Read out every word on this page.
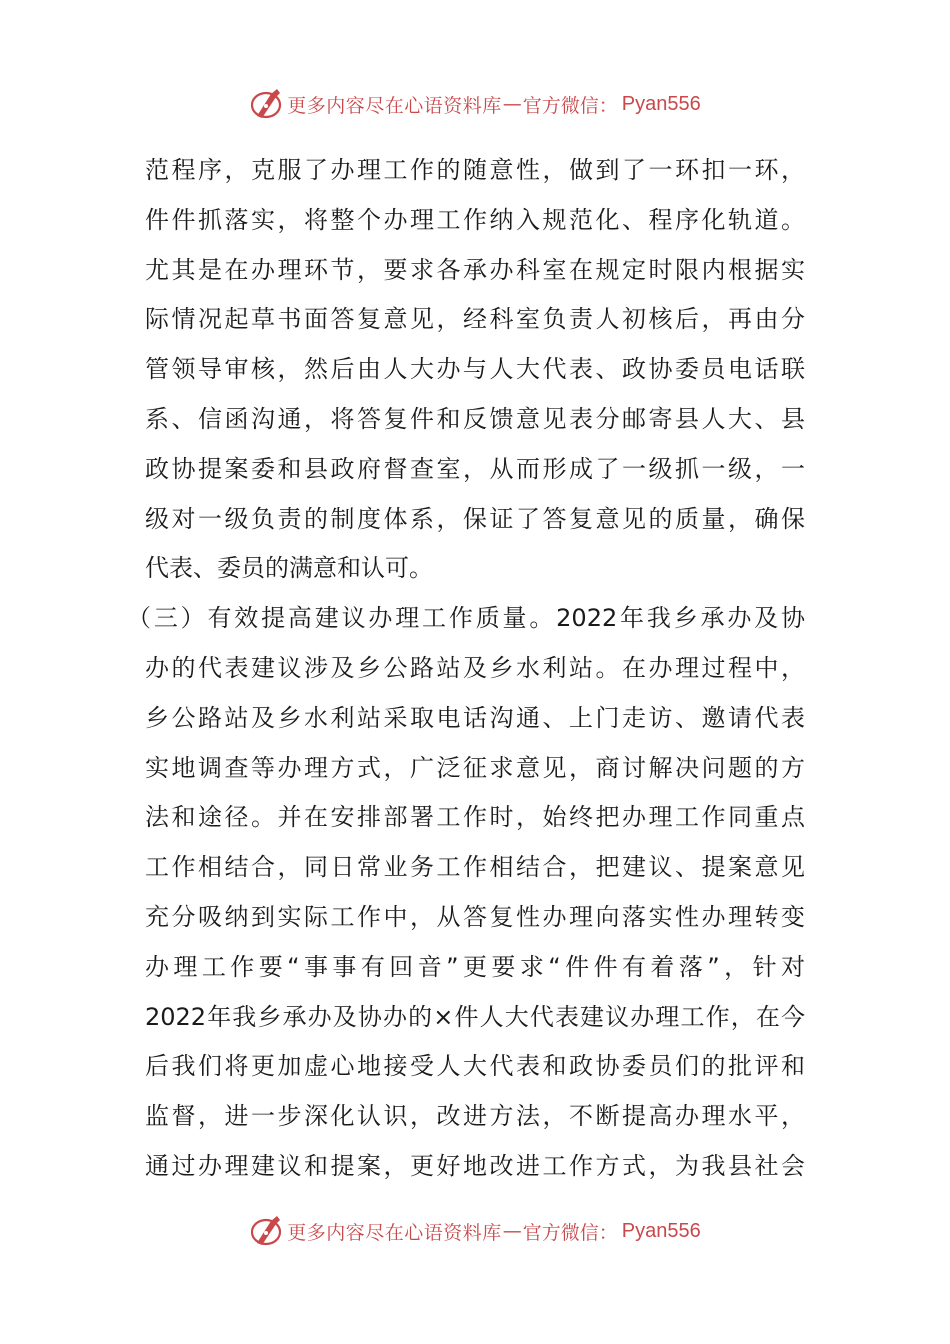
更多内容尽在心语资料库 — 官方微信： Pyan556
范程序，克服了办理工作的随意性，做到了一环扣一环，
件件抓落实，将整个办理工作纳入规范化、程序化轨道。
尤其是在办理环节，要求各承办科室在规定时限内根据实
际情况起草书面答复意见，经科室负责人初核后，再由分
管领导审核，然后由人大办与人大代表、政协委员电话联
系、信函沟通，将答复件和反馈意见表分邮寄县人大、县
政协提案委和县政府督查室，从而形成了一级抓一级，一
级对一级负责的制度体系，保证了答复意见的质量，确保
代表、委员的满意和认可。
（三）有效提高建议办理工作质量。2022年我乡承办及协
办的代表建议涉及乡公路站及乡水利站。在办理过程中，
乡公路站及乡水利站采取电话沟通、上门走访、邀请代表
实地调查等办理方式，广泛征求意见，商讨解决问题的方
法和途径。并在安排部署工作时，始终把办理工作同重点
工作相结合，同日常业务工作相结合，把建议、提案意见
充分吸纳到实际工作中，从答复性办理向落实性办理转变
办理工作要“事事有回音”更要求“件件有着落”，针对
2022年我乡承办及协办的×件人大代表建议办理工作，在今
后我们将更加虚心地接受人大代表和政协委员们的批评和
监督，进一步深化认识，改进方法，不断提高办理水平，
通过办理建议和提案，更好地改进工作方式，为我县社会
更多内容尽在心语资料库 — 官方微信： Pyan556
